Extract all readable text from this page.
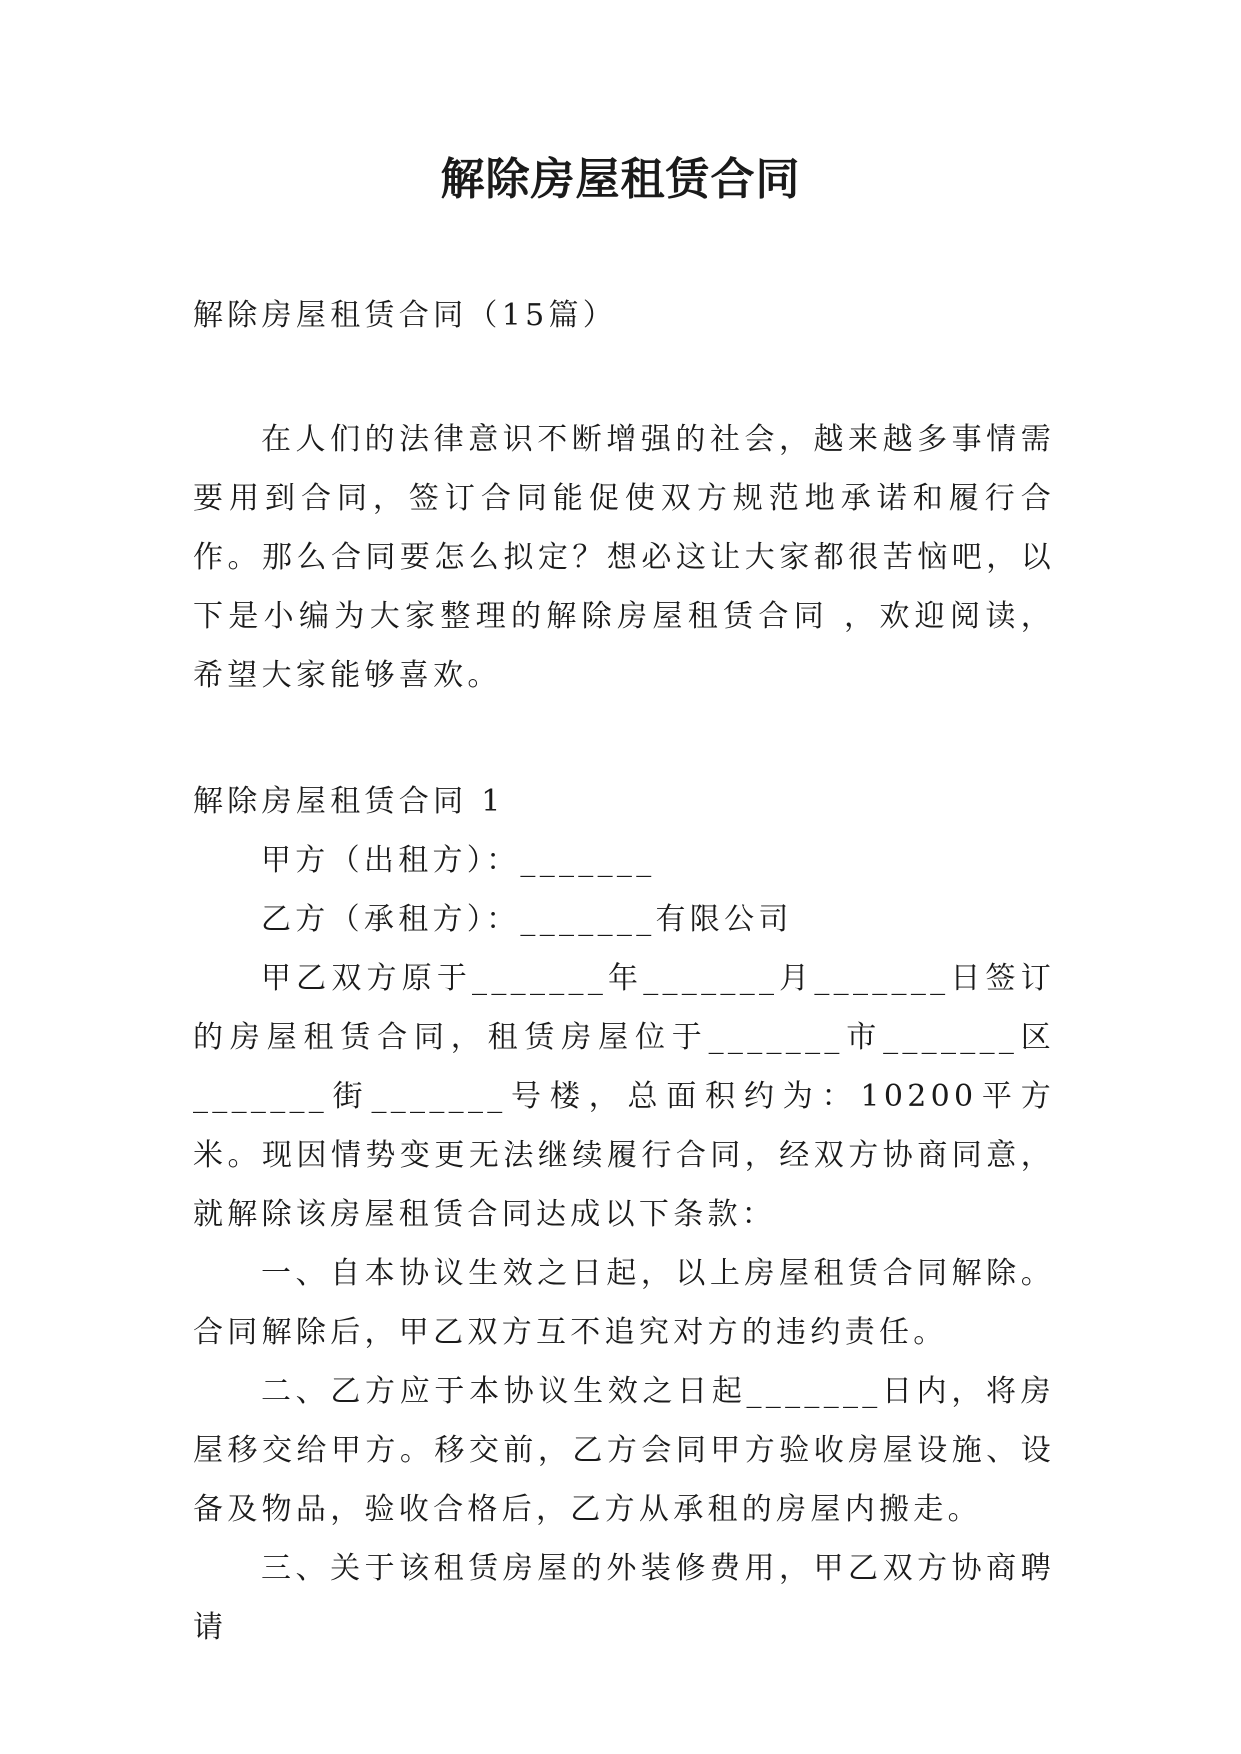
解除房屋租赁合同

解除房屋租赁合同（15篇）

在人们的法律意识不断增强的社会，越来越多事情需要用到合同，签订合同能促使双方规范地承诺和履行合作。那么合同要怎么拟定？想必这让大家都很苦恼吧，以下是小编为大家整理的解除房屋租赁合同 ，欢迎阅读，希望大家能够喜欢。

解除房屋租赁合同 1

甲方（出租方）：_______

乙方（承租方）：_______有限公司

甲乙双方原于_______年_______月_______日签订的房屋租赁合同，租赁房屋位于_______市_______区_______街_______号楼，总面积约为：10200平方米。现因情势变更无法继续履行合同，经双方协商同意，就解除该房屋租赁合同达成以下条款：

一、自本协议生效之日起，以上房屋租赁合同解除。合同解除后，甲乙双方互不追究对方的违约责任。

二、乙方应于本协议生效之日起_______日内，将房屋移交给甲方。移交前，乙方会同甲方验收房屋设施、设备及物品，验收合格后，乙方从承租的房屋内搬走。

三、关于该租赁房屋的外装修费用，甲乙双方协商聘请
